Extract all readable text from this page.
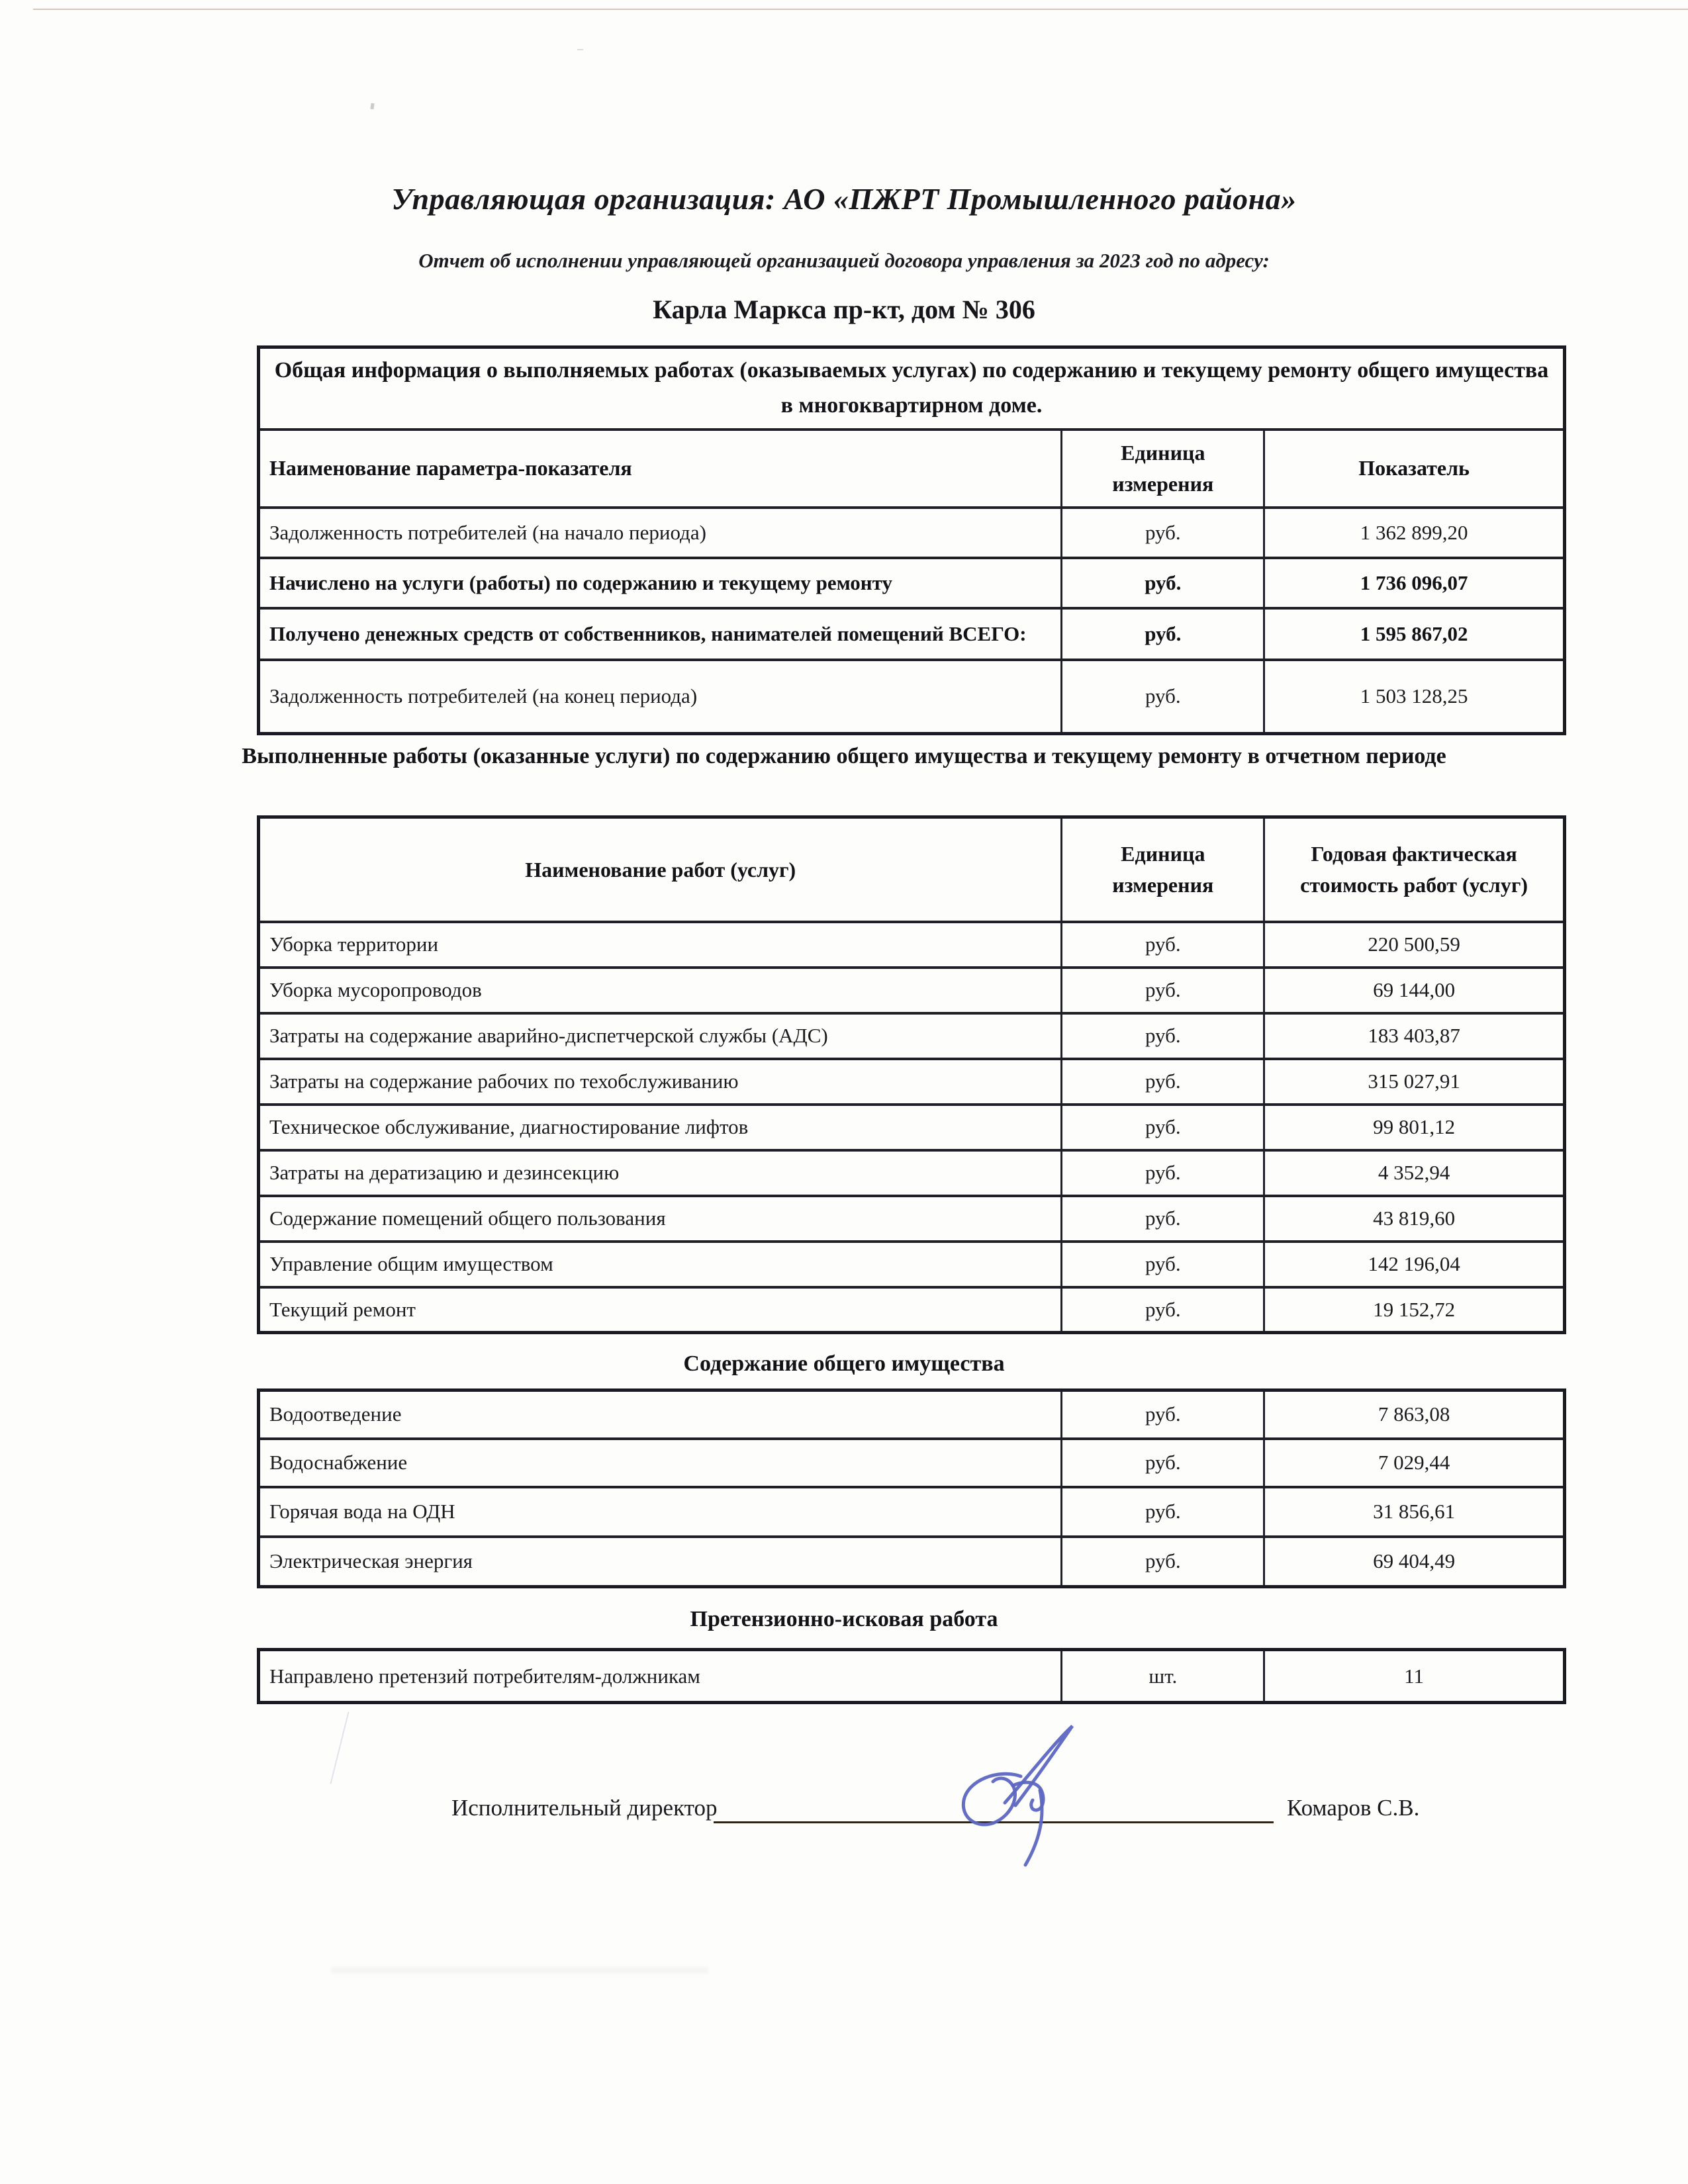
Управляющая организация: АО «ПЖРТ Промышленного района»
Отчет об исполнении управляющей организацией договора управления за 2023 год по адресу:
Карла Маркса пр-кт, дом № 306
Общая информация о выполняемых работах (оказываемых услугах) по содержанию и текущему ремонту общего имущества в многоквартирном доме.		
Наименование параметра-показателя	Единица измерения	Показатель
Задолженность потребителей (на начало периода)	руб.	1 362 899,20
Начислено на услуги (работы) по содержанию и текущему ремонту	руб.	1 736 096,07
Получено денежных средств от собственников, нанимателей помещений ВСЕГО:	руб.	1 595 867,02
Задолженность потребителей (на конец периода)	руб.	1 503 128,25
Выполненные работы (оказанные услуги) по содержанию общего имущества и текущему ремонту в отчетном периоде
Наименование работ (услуг)	Единица измерения	Годовая фактическая стоимость работ (услуг)
Уборка территории	руб.	220 500,59
Уборка мусоропроводов	руб.	69 144,00
Затраты на содержание аварийно-диспетчерской службы (АДС)	руб.	183 403,87
Затраты на содержание рабочих по техобслуживанию	руб.	315 027,91
Техническое обслуживание, диагностирование лифтов	руб.	99 801,12
Затраты на дератизацию и дезинсекцию	руб.	4 352,94
Содержание помещений общего пользования	руб.	43 819,60
Управление общим имуществом	руб.	142 196,04
Текущий ремонт	руб.	19 152,72
Содержание общего имущества
Водоотведение	руб.	7 863,08
Водоснабжение	руб.	7 029,44
Горячая вода на ОДН	руб.	31 856,61
Электрическая энергия	руб.	69 404,49
Претензионно-исковая работа
Направлено претензий потребителям-должникам	шт.	11
Исполнительный директор	Комаров С.В.
